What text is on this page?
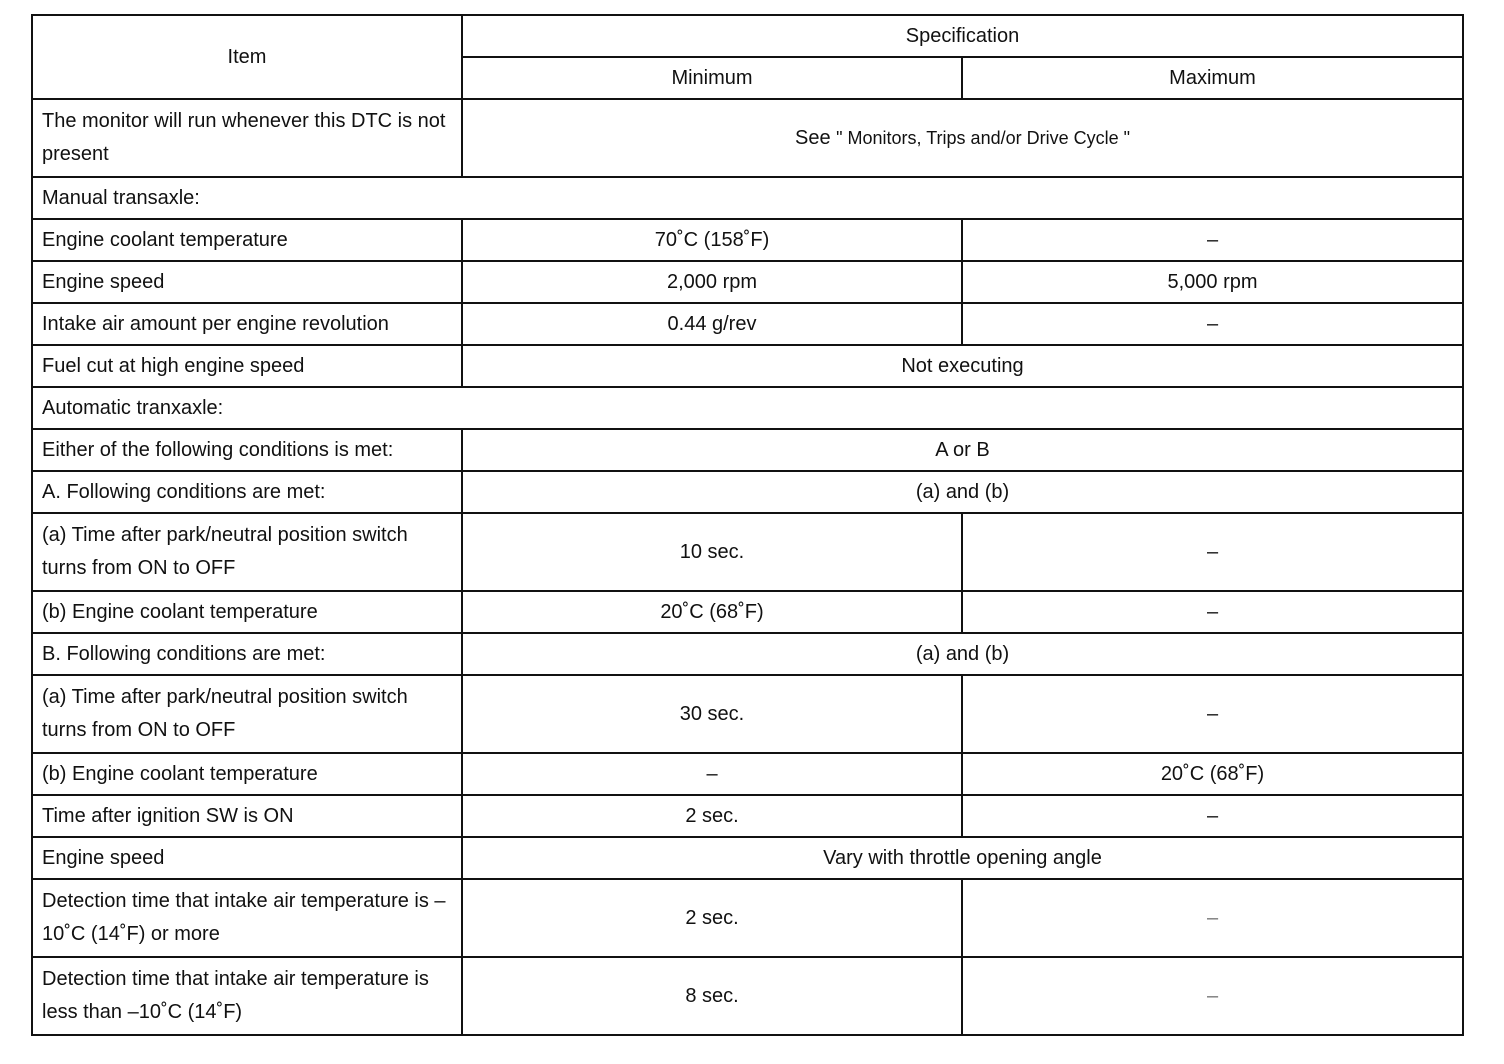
Item	Specification	
	Minimum	Maximum
The monitor will run whenever this DTC is not present	See " Monitors, Trips and/or Drive Cycle "	
Manual transaxle:		
Engine coolant temperature	70˚C (158˚F)	–
Engine speed	2,000 rpm	5,000 rpm
Intake air amount per engine revolution	0.44 g/rev	–
Fuel cut at high engine speed	Not executing	
Automatic tranxaxle:		
Either of the following conditions is met:	A or B	
A. Following conditions are met:	(a) and (b)	
(a) Time after park/neutral position switch turns from ON to OFF	10 sec.	–
(b) Engine coolant temperature	20˚C (68˚F)	–
B. Following conditions are met:	(a) and (b)	
(a) Time after park/neutral position switch turns from ON to OFF	30 sec.	–
(b) Engine coolant temperature	–	20˚C (68˚F)
Time after ignition SW is ON	2 sec.	–
Engine speed	Vary with throttle opening angle	
Detection time that intake air temperature is –10˚C (14˚F) or more	2 sec.	–
Detection time that intake air temperature is less than –10˚C (14˚F)	8 sec.	–
